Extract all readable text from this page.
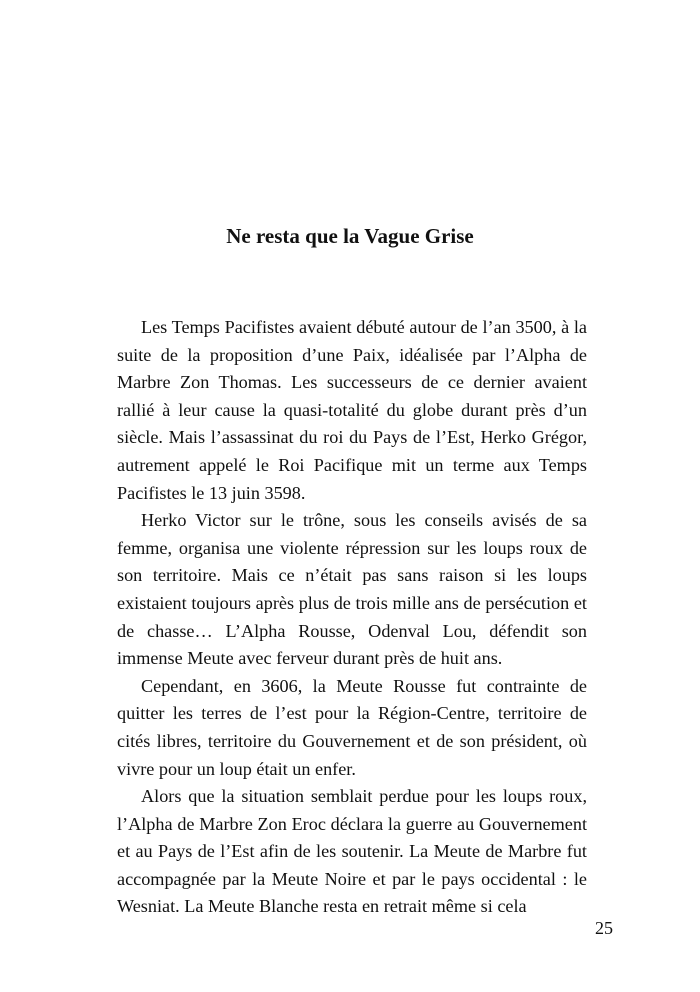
Ne resta que la Vague Grise

Les Temps Pacifistes avaient débuté autour de l’an 3500, à la suite de la proposition d’une Paix, idéalisée par l’Alpha de Marbre Zon Thomas. Les successeurs de ce dernier avaient rallié à leur cause la quasi-totalité du globe durant près d’un siècle. Mais l’assassinat du roi du Pays de l’Est, Herko Grégor, autrement appelé le Roi Pacifique mit un terme aux Temps Pacifistes le 13 juin 3598.

Herko Victor sur le trône, sous les conseils avisés de sa femme, organisa une violente répression sur les loups roux de son territoire. Mais ce n’était pas sans raison si les loups existaient toujours après plus de trois mille ans de persécution et de chasse… L’Alpha Rousse, Odenval Lou, défendit son immense Meute avec ferveur durant près de huit ans.

Cependant, en 3606, la Meute Rousse fut contrainte de quitter les terres de l’est pour la Région-Centre, territoire de cités libres, territoire du Gouvernement et de son président, où vivre pour un loup était un enfer.

Alors que la situation semblait perdue pour les loups roux, l’Alpha de Marbre Zon Eroc déclara la guerre au Gouvernement et au Pays de l’Est afin de les soutenir. La Meute de Marbre fut accompagnée par la Meute Noire et par le pays occidental : le Wesniat. La Meute Blanche resta en retrait même si cela

25
